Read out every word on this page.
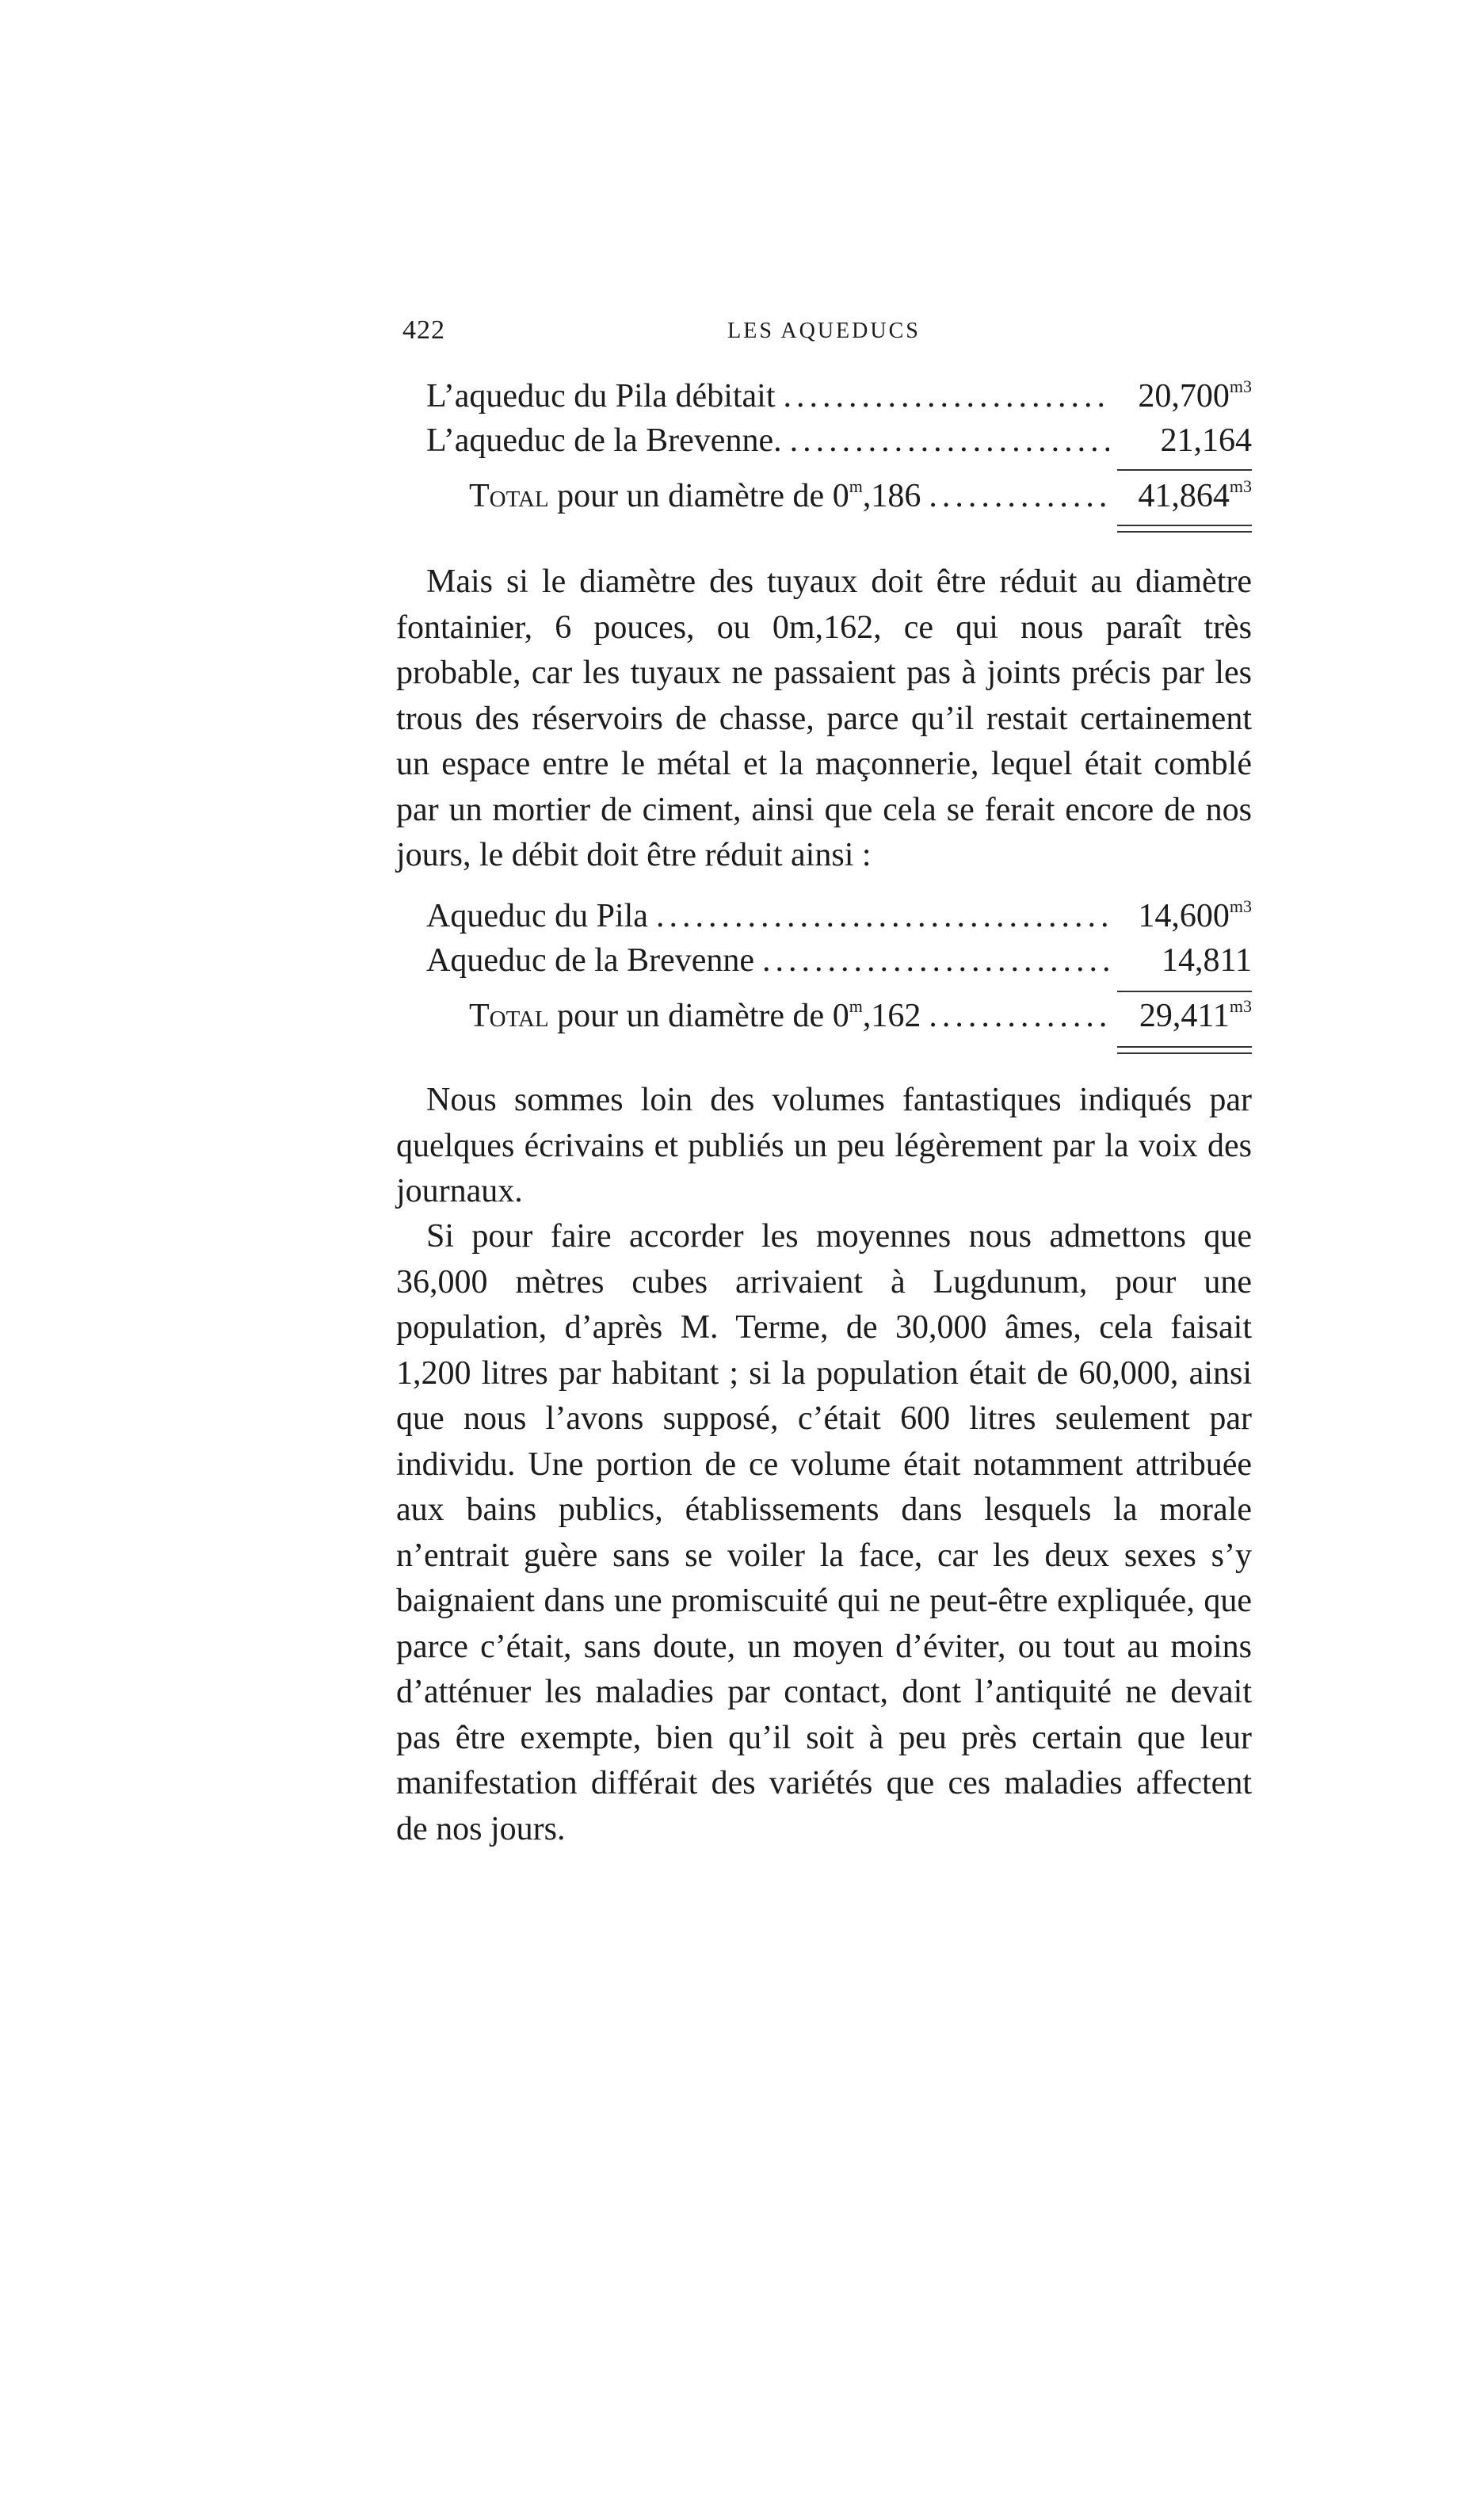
422	LES AQUEDUCS
L’aqueduc du Pila débitait .....	$20,700^{m3}$
L’aqueduc de la Brevenne. .....	21,164
Total pour un diamètre de 0$^m$,186 .....	$41,864^{m3}$
Mais si le diamètre des tuyaux doit être réduit au diamètre fontainier, 6 pouces, ou 0m,162, ce qui nous paraît très probable, car les tuyaux ne passaient pas à joints précis par les trous des réservoirs de chasse, parce qu’il restait certainement un espace entre le métal et la maçonnerie, lequel était comblé par un mortier de ciment, ainsi que cela se ferait encore de nos jours, le débit doit être réduit ainsi :
Aqueduc du Pila .....	$14,600^{m3}$
Aqueduc de la Brevenne .....	14,811
Total pour un diamètre de 0$^m$,162 .....	$29,411^{m3}$
Nous sommes loin des volumes fantastiques indiqués par quelques écrivains et publiés un peu légèrement par la voix des journaux.
Si pour faire accorder les moyennes nous admettons que 36,000 mètres cubes arrivaient à Lugdunum, pour une population, d’après M. Terme, de 30,000 âmes, cela faisait 1,200 litres par habitant ; si la population était de 60,000, ainsi que nous l’avons supposé, c’était 600 litres seulement par individu. Une portion de ce volume était notamment attribuée aux bains publics, établissements dans lesquels la morale n’entrait guère sans se voiler la face, car les deux sexes s’y baignaient dans une promiscuité qui ne peut-être expliquée, que parce c’était, sans doute, un moyen d’éviter, ou tout au moins d’atténuer les maladies par contact, dont l’antiquité ne devait pas être exempte, bien qu’il soit à peu près certain que leur manifestation différait des variétés que ces maladies affectent de nos jours.
